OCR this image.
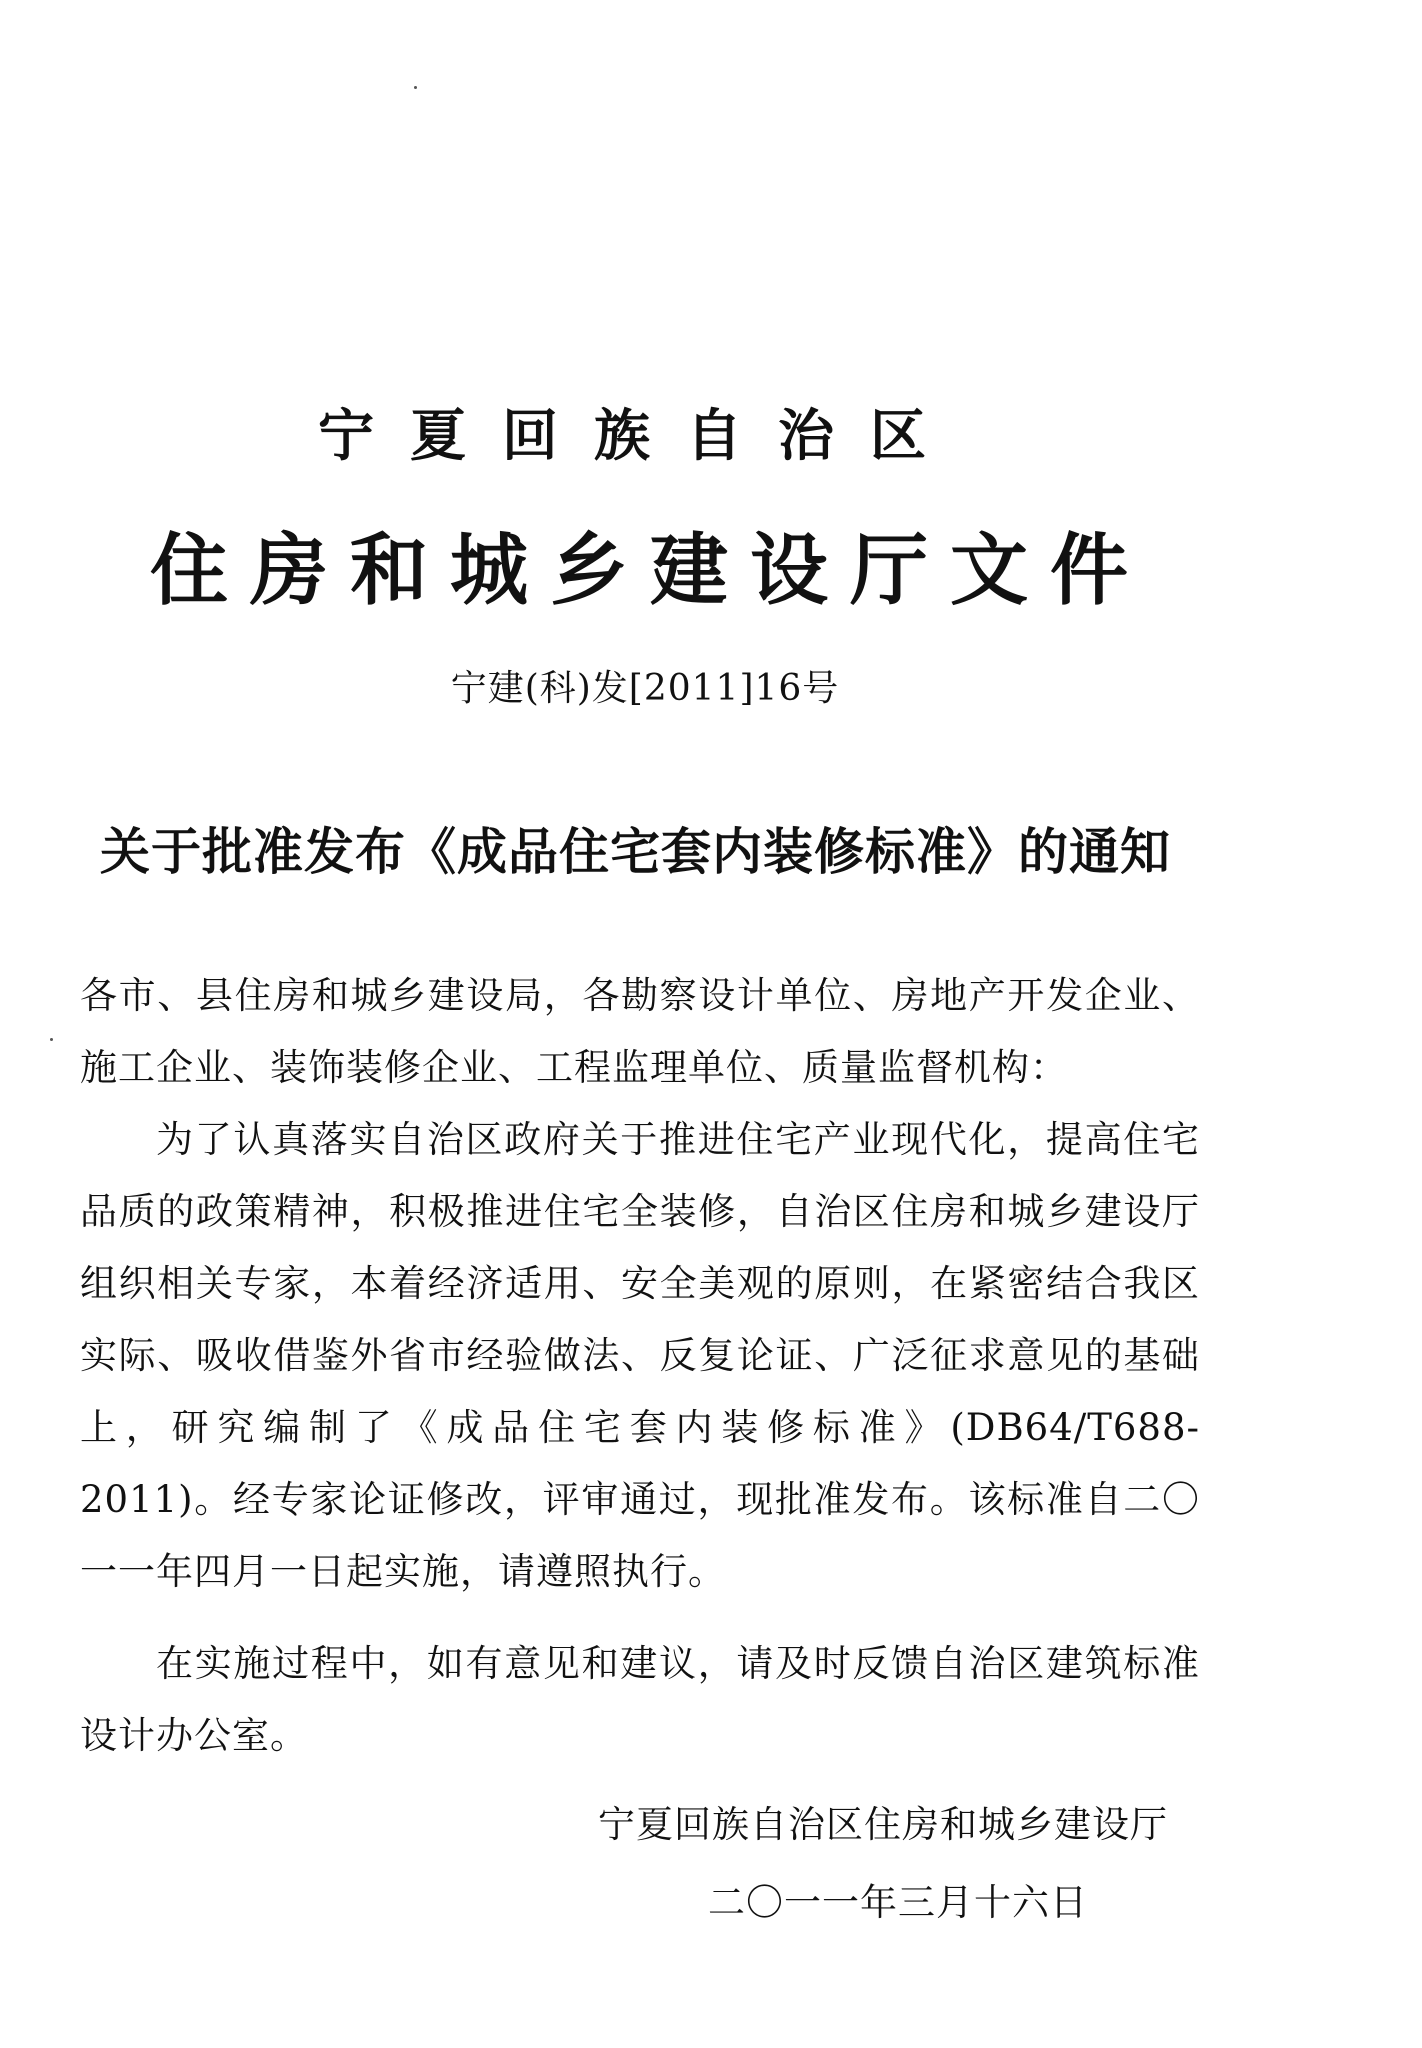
宁夏回族自治区
住房和城乡建设厅文件
宁建(科)发[2011]16号
关于批准发布《成品住宅套内装修标准》的通知
各市、县住房和城乡建设局，各勘察设计单位、房地产开发企业、施工企业、装饰装修企业、工程监理单位、质量监督机构：
为了认真落实自治区政府关于推进住宅产业现代化，提高住宅品质的政策精神，积极推进住宅全装修，自治区住房和城乡建设厅组织相关专家，本着经济适用、安全美观的原则，在紧密结合我区实际、吸收借鉴外省市经验做法、反复论证、广泛征求意见的基础上，研究编制了《成品住宅套内装修标准》(DB64/T688-2011)。经专家论证修改，评审通过，现批准发布。该标准自二〇一一年四月一日起实施，请遵照执行。
在实施过程中，如有意见和建议，请及时反馈自治区建筑标准设计办公室。
宁夏回族自治区住房和城乡建设厅
二〇一一年三月十六日
